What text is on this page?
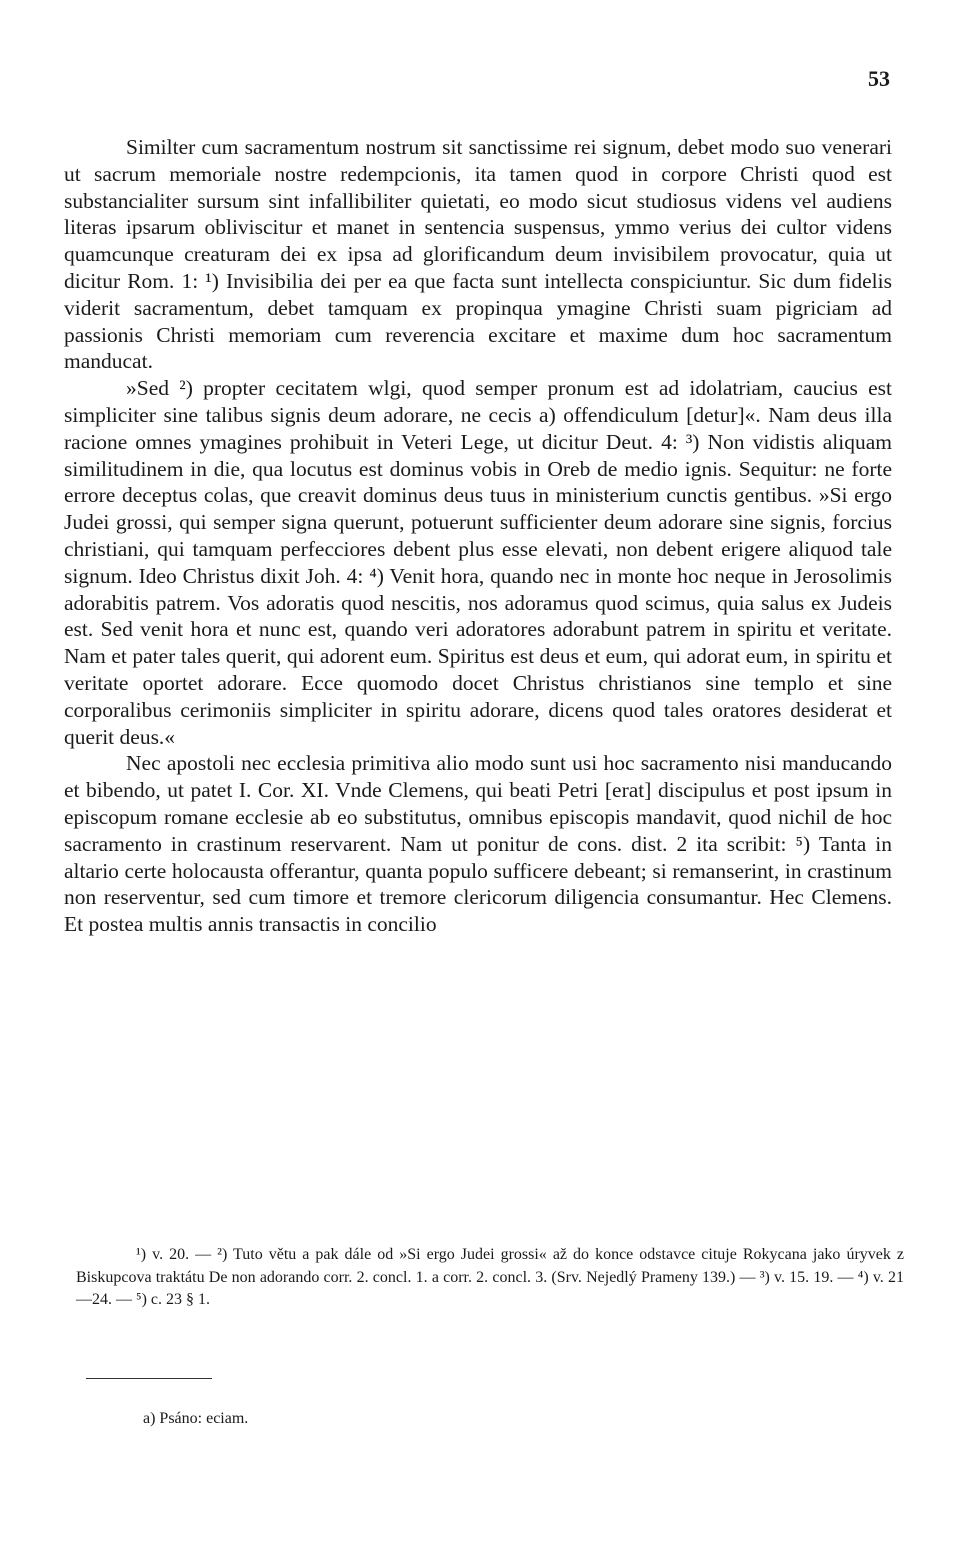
53

Similter cum sacramentum nostrum sit sanctissime rei signum, debet modo suo venerari ut sacrum memoriale nostre redempcionis, ita tamen quod in corpore Christi quod est substancialiter sursum sint infallibiliter quietati, eo modo sicut studiosus videns vel audiens literas ipsarum obliviscitur et manet in sentencia suspensus, ymmo verius dei cultor videns quamcunque creaturam dei ex ipsa ad glorificandum deum invisibilem provocatur, quia ut dicitur Rom. 1: ¹) Invisibilia dei per ea que facta sunt intellecta conspiciuntur. Sic dum fidelis viderit sacramentum, debet tamquam ex propinqua ymagine Christi suam pigriciam ad passionis Christi memoriam cum reverencia excitare et maxime dum hoc sacramentum manducat.

»Sed ²) propter cecitatem wlgi, quod semper pronum est ad idolatriam, caucius est simpliciter sine talibus signis deum adorare, ne cecis a) offendiculum [detur]«. Nam deus illa racione omnes ymagines prohibuit in Veteri Lege, ut dicitur Deut. 4: ³) Non vidistis aliquam similitudinem in die, qua locutus est dominus vobis in Oreb de medio ignis. Sequitur: ne forte errore deceptus colas, que creavit dominus deus tuus in ministerium cunctis gentibus. »Si ergo Judei grossi, qui semper signa querunt, potuerunt sufficienter deum adorare sine signis, forcius christiani, qui tamquam perfecciores debent plus esse elevati, non debent erigere aliquod tale signum. Ideo Christus dixit Joh. 4: ⁴) Venit hora, quando nec in monte hoc neque in Jerosolimis adorabitis patrem. Vos adoratis quod nescitis, nos adoramus quod scimus, quia salus ex Judeis est. Sed venit hora et nunc est, quando veri adoratores adorabunt patrem in spiritu et veritate. Nam et pater tales querit, qui adorent eum. Spiritus est deus et eum, qui adorat eum, in spiritu et veritate oportet adorare. Ecce quomodo docet Christus christianos sine templo et sine corporalibus cerimoniis simpliciter in spiritu adorare, dicens quod tales oratores desiderat et querit deus.«

Nec apostoli nec ecclesia primitiva alio modo sunt usi hoc sacramento nisi manducando et bibendo, ut patet I. Cor. XI. Vnde Clemens, qui beati Petri [erat] discipulus et post ipsum in episcopum romane ecclesie ab eo substitutus, omnibus episcopis mandavit, quod nichil de hoc sacramento in crastinum reservarent. Nam ut ponitur de cons. dist. 2 ita scribit: ⁵) Tanta in altario certe holocausta offerantur, quanta populo sufficere debeant; si remanserint, in crastinum non reserventur, sed cum timore et tremore clericorum diligencia consumantur. Hec Clemens. Et postea multis annis transactis in concilio

¹) v. 20. — ²) Tuto větu a pak dále od »Si ergo Judei grossi« až do konce odstavce cituje Rokycana jako úryvek z Biskupcova traktátu De non adorando corr. 2. concl. 1. a corr. 2. concl. 3. (Srv. Nejedlý Prameny 139.) — ³) v. 15. 19. — ⁴) v. 21—24. — ⁵) c. 23 § 1.

a) Psáno: eciam.
